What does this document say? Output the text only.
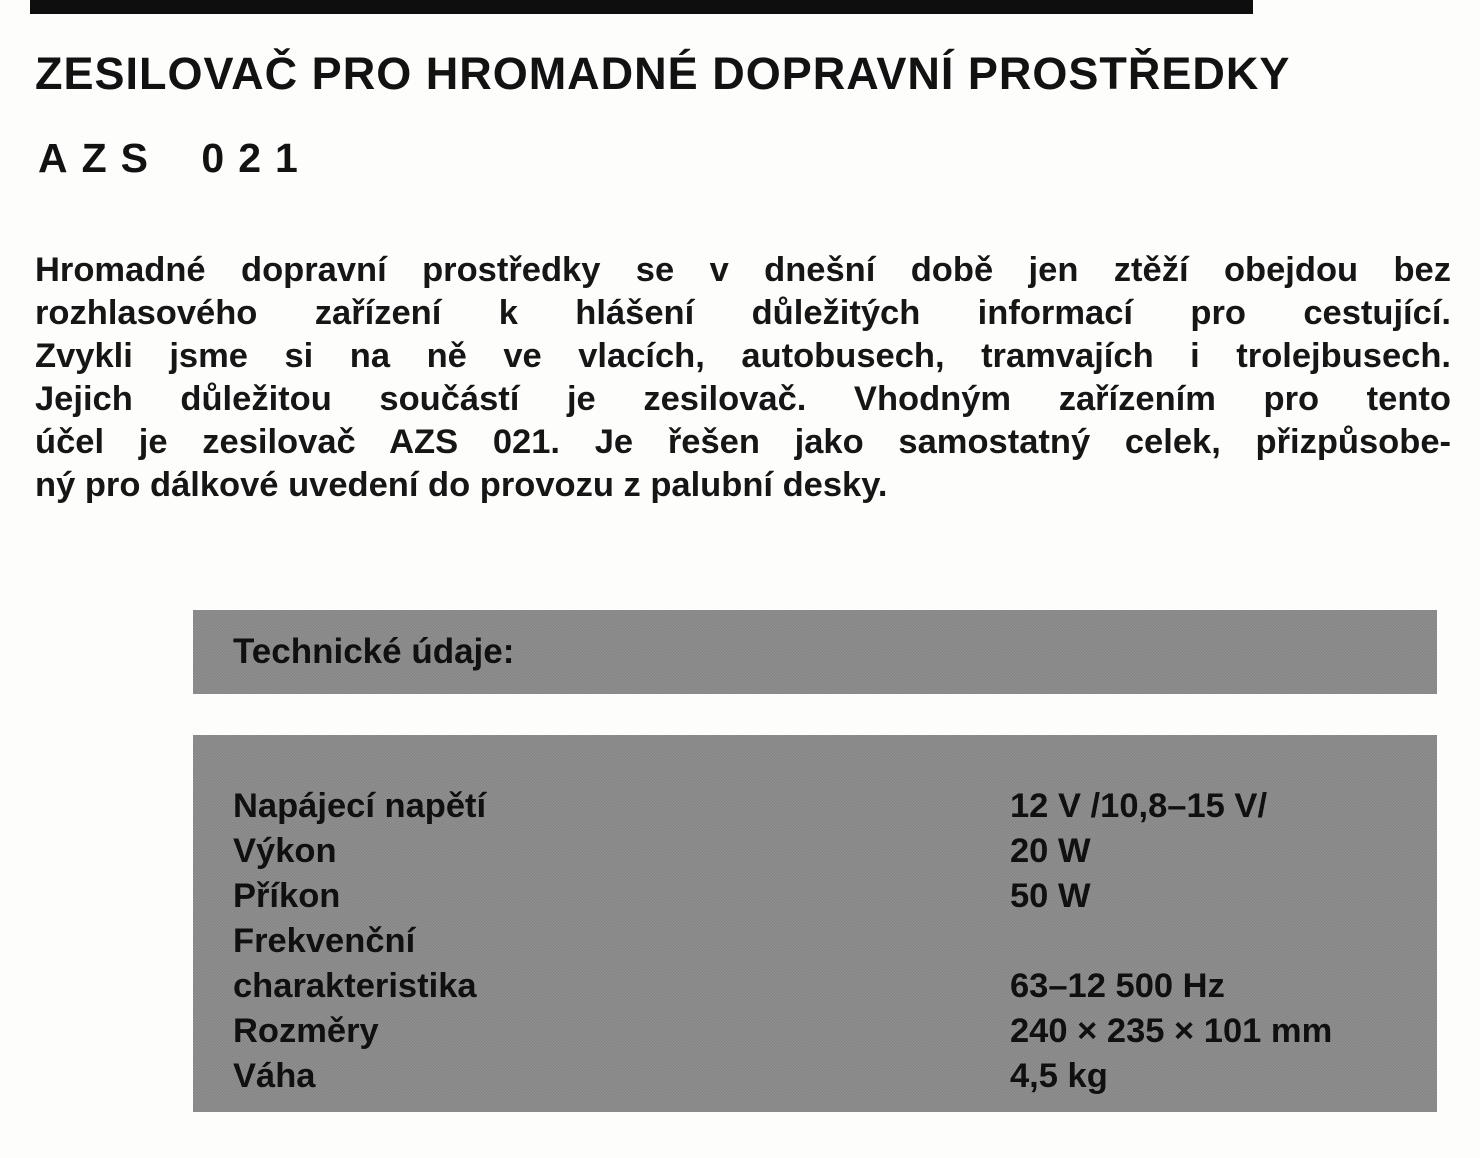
ZESILOVAČ PRO HROMADNÉ DOPRAVNÍ PROSTŘEDKY
AZS 021
Hromadné dopravní prostředky se v dnešní době jen ztěží obejdou bez
rozhlasového zařízení k hlášení důležitých informací pro cestující.
Zvykli jsme si na ně ve vlacích, autobusech, tramvajích i trolejbusech.
Jejich důležitou součástí je zesilovač. Vhodným zařízením pro tento
účel je zesilovač AZS 021. Je řešen jako samostatný celek, přizpůsobe-
ný pro dálkové uvedení do provozu z palubní desky.
Technické údaje:
Napájecí napětí	12 V /10,8–15 V/
Výkon	20 W
Příkon	50 W
Frekvenční
charakteristika	63–12 500 Hz
Rozměry	240 × 235 × 101 mm
Váha	4,5 kg
